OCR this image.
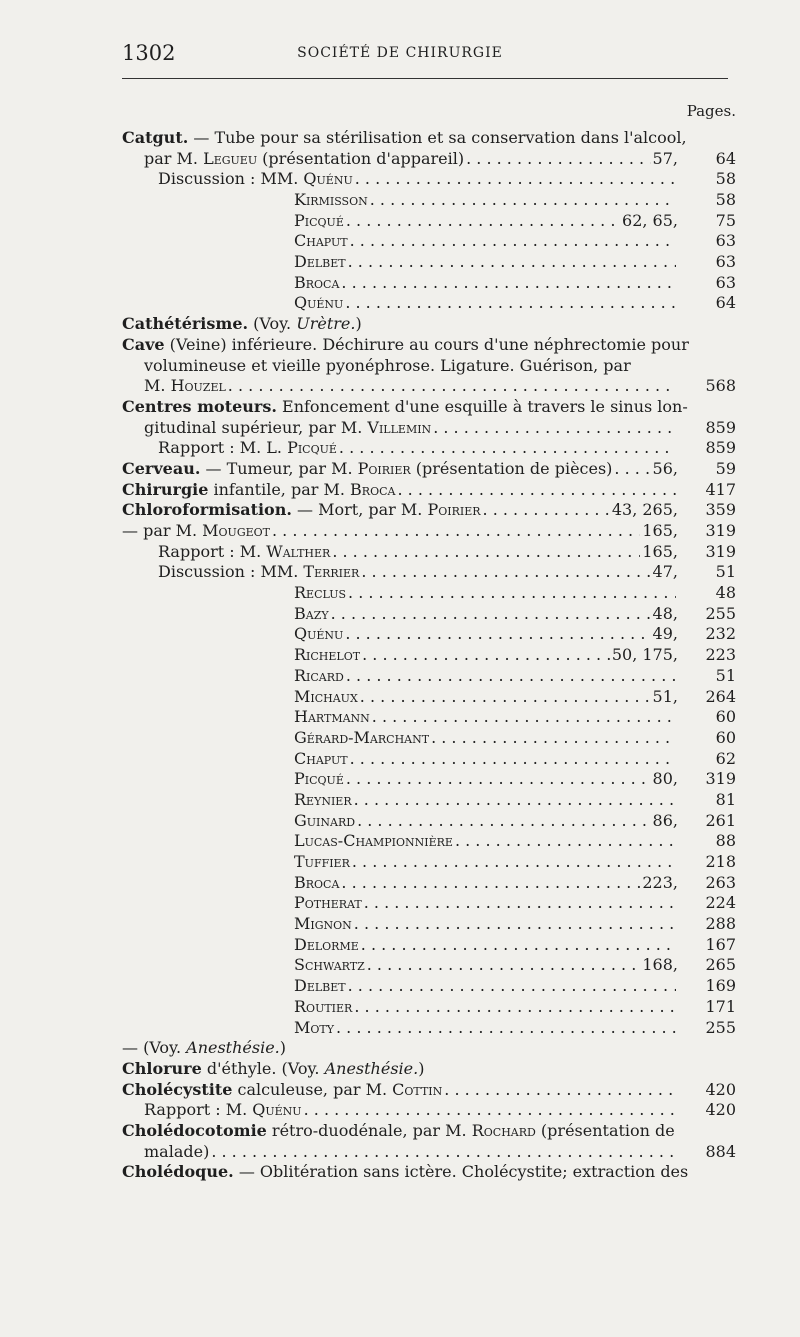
1302	SOCIÉTÉ DE CHIRURGIE
Pages.
Catgut. — Tube pour sa stérilisation et sa conservation dans l'alcool,
par M. Legueu (présentation d'appareil) . . .	57,	64
Discussion : MM. Quénu . . .	58
Kirmisson . . .	58
Picqué . . .	62, 65,	75
Chaput . . .	63
Delbet . . .	63
Broca . . .	63
Quénu . . .	64
Cathétérisme. (Voy. Urètre.)
Cave (Veine) inférieure. Déchirure au cours d'une néphrectomie pour
volumineuse et vieille pyonéphrose. Ligature. Guérison, par
M. Houzel . . .	568
Centres moteurs. Enfoncement d'une esquille à travers le sinus lon-
gitudinal supérieur, par M. Villemin . . .	859
Rapport : M. L. Picqué . . .	859
Cerveau. — Tumeur, par M. Poirier (présentation de pièces) . . .	56,	59
Chirurgie infantile, par M. Broca . . .	417
Chloroformisation. — Mort, par M. Poirier . . .	43, 265,	359
— par M. Mougeot . . .	165,	319
Rapport : M. Walther . . .	165,	319
Discussion : MM. Terrier . . .	47,	51
Reclus . . .	48
Bazy . . .	48,	255
Quénu . . .	49,	232
Richelot . . .	50, 175,	223
Ricard . . .	51
Michaux . . .	51,	264
Hartmann . . .	60
Gérard-Marchant . . .	60
Chaput . . .	62
Picqué . . .	80,	319
Reynier . . .	81
Guinard . . .	86,	261
Lucas-Championnière . . .	88
Tuffier . . .	218
Broca . . .	223,	263
Potherat . . .	224
Mignon . . .	288
Delorme . . .	167
Schwartz . . .	168,	265
Delbet . . .	169
Routier . . .	171
Moty . . .	255
— (Voy. Anesthésie.)
Chlorure d'éthyle. (Voy. Anesthésie.)
Cholécystite calculeuse, par M. Cottin . . .	420
Rapport : M. Quénu . . .	420
Cholédocotomie rétro-duodénale, par M. Rochard (présentation de
malade) . . .	884
Cholédoque. — Oblitération sans ictère. Cholécystite; extraction des
